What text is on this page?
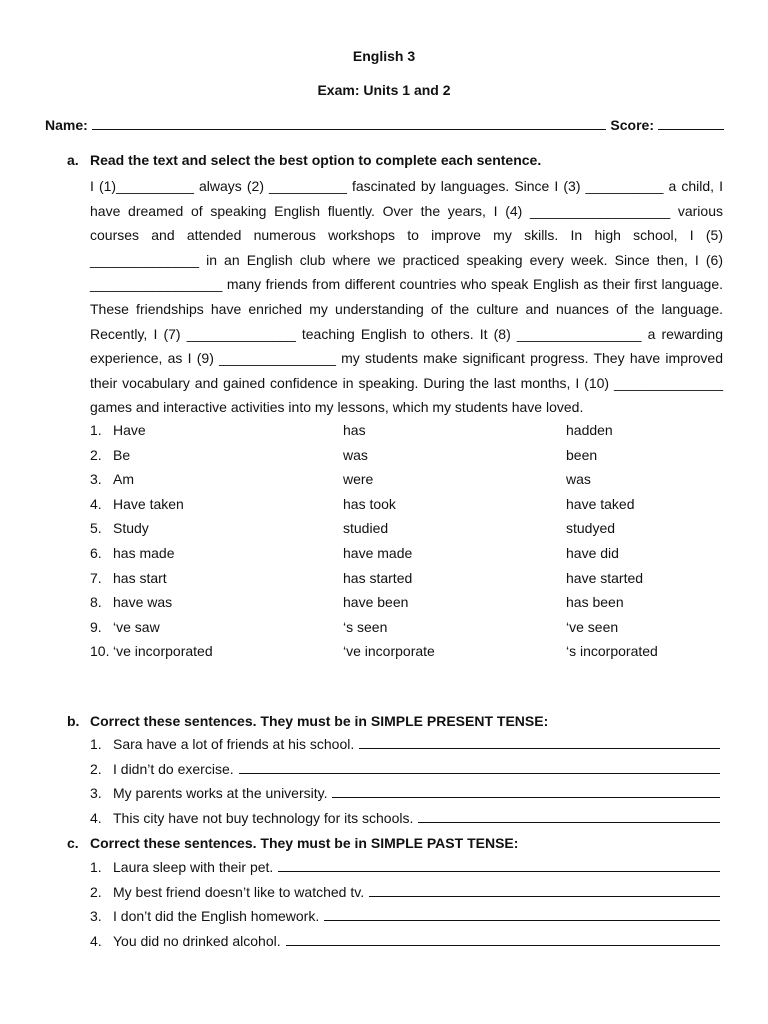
English 3
Exam: Units 1 and 2
Name:	Score:
a. Read the text and select the best option to complete each sentence.

I (1)__________ always (2) __________ fascinated by languages. Since I (3) __________ a child, I have dreamed of speaking English fluently. Over the years, I (4) __________________ various courses and attended numerous workshops to improve my skills. In high school, I (5) ______________ in an English club where we practiced speaking every week. Since then, I (6) _________________ many friends from different countries who speak English as their first language. These friendships have enriched my understanding of the culture and nuances of the language. Recently, I (7) ______________ teaching English to others. It (8) ________________ a rewarding experience, as I (9) _______________ my students make significant progress. They have improved their vocabulary and gained confidence in speaking. During the last months, I (10) ______________ games and interactive activities into my lessons, which my students have loved.

1. Have	has	hadden
2. Be	was	been
3. Am	were	was
4. Have taken	has took	have taked
5. Study	studied	studyed
6. has made	have made	have did
7. has start	has started	have started
8. have was	have been	has been
9. ‘ve saw	‘s seen	‘ve seen
10. ‘ve incorporated	‘ve incorporate	‘s incorporated
b. Correct these sentences. They must be in SIMPLE PRESENT TENSE:
1. Sara have a lot of friends at his school.
2. I didn’t do exercise.
3. My parents works at the university.
4. This city have not buy technology for its schools.
c. Correct these sentences. They must be in SIMPLE PAST TENSE:
1. Laura sleep with their pet.
2. My best friend doesn’t like to watched tv.
3. I don’t did the English homework.
4. You did no drinked alcohol.
